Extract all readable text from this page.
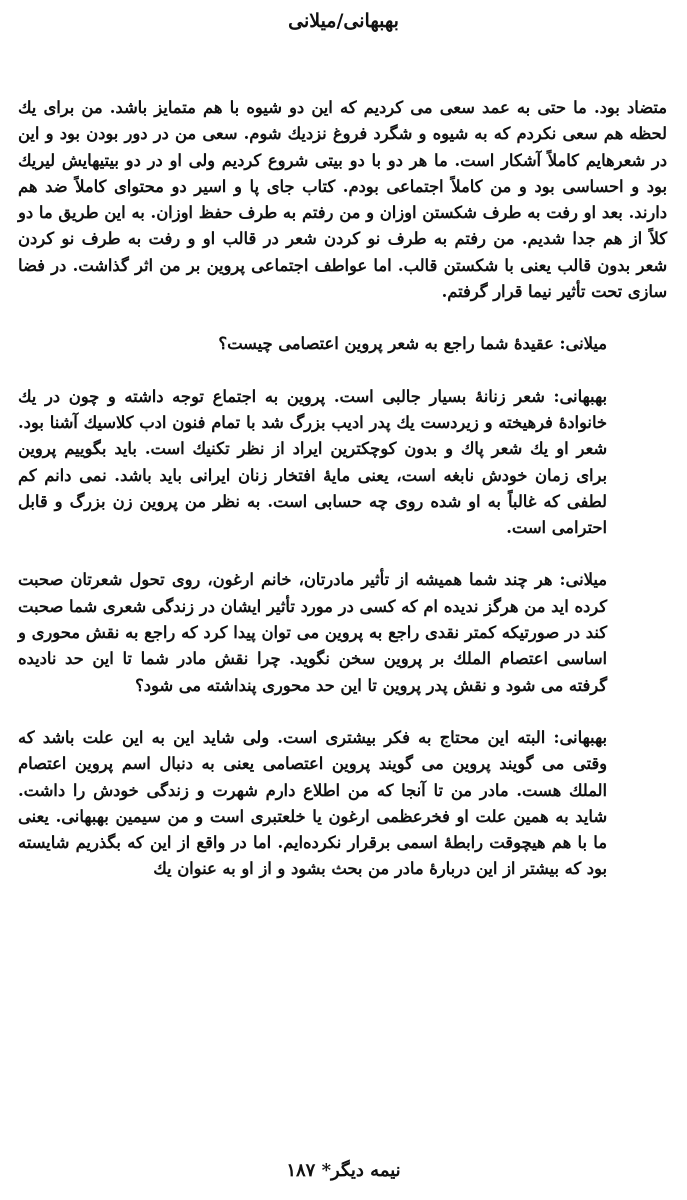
بهبهانی/میلانی

متضاد بود. ما حتی به عمد سعی می کردیم که این دو شیوه با هم متمایز باشد. من برای یك لحظه هم سعی نکردم که به شیوه و شگرد فروغ نزدیك شوم. سعی من در دور بودن بود و این در شعرهایم کاملاً آشکار است. ما هر دو با دو بیتی شروع کردیم ولی او در دو بیتیهایش لیریك بود و احساسی بود و من کاملاً اجتماعی بودم. کتاب جای پا و اسیر دو محتوای کاملاً ضد هم دارند. بعد او رفت به طرف شکستن اوزان و من رفتم به طرف حفظ اوزان. به این طریق ما دو کلاً از هم جدا شدیم. من رفتم به طرف نو کردن شعر در قالب او و رفت به طرف نو کردن شعر بدون قالب یعنی با شکستن قالب. اما عواطف اجتماعی پروین بر من اثر گذاشت. در فضا سازی تحت تأثیر نیما قرار گرفتم.

میلانی: عقیدهٔ شما راجع به شعر پروین اعتصامی چیست؟

بهبهانی: شعر زنانهٔ بسیار جالبی است. پروین به اجتماع توجه داشته و چون در یك خانوادهٔ فرهیخته و زیردست یك پدر ادیب بزرگ شد با تمام فنون ادب کلاسیك آشنا بود. شعر او یك شعر پاك و بدون کوچکترین ایراد از نظر تکنیك است. باید بگوییم پروین برای زمان خودش نابغه است، یعنی مایهٔ افتخار زنان ایرانی باید باشد. نمی دانم کم لطفی که غالباً به او شده روی چه حسابی است. به نظر من پروین زن بزرگ و قابل احترامی است.

میلانی: هر چند شما همیشه از تأثیر مادرتان، خانم ارغون، روی تحول شعرتان صحبت کرده اید من هرگز ندیده ام که کسی در مورد تأثیر ایشان در زندگی شعری شما صحبت کند در صورتیکه کمتر نقدی راجع به پروین می توان پیدا کرد که راجع به نقش محوری و اساسی اعتصام الملك بر پروین سخن نگوید. چرا نقش مادر شما تا این حد نادیده گرفته می شود و نقش پدر پروین تا این حد محوری پنداشته می شود؟

بهبهانی: البته این محتاج به فکر بیشتری است. ولی شاید این به این علت باشد که وقتی می گویند پروین می گویند پروین اعتصامی یعنی به دنبال اسم پروین اعتصام الملك هست. مادر من تا آنجا که من اطلاع دارم شهرت و زندگی خودش را داشت. شاید به همین علت او فخرعظمی ارغون یا خلعتبری است و من سیمین بهبهانی. یعنی ما با هم هیچوقت رابطهٔ اسمی برقرار نکرده‌ایم. اما در واقع از این که بگذریم شایسته بود که بیشتر از این دربارهٔ مادر من بحث بشود و از او به عنوان یك

نیمه دیگر* ۱۸۷
